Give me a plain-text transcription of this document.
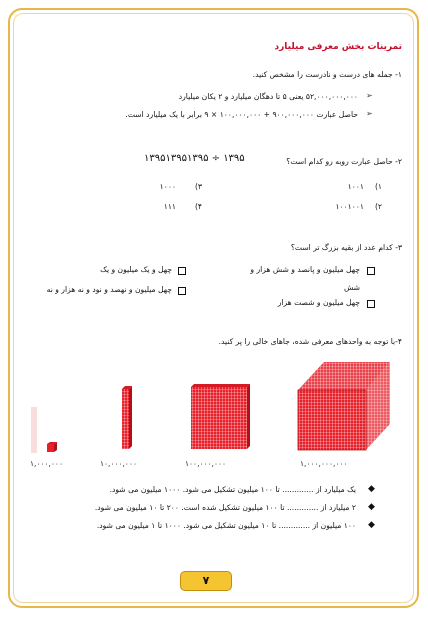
تمرینات بخش معرفی میلیارد
۱- جمله های درست و نادرست را مشخص کنید.
➢
۵۲,۰۰۰,۰۰۰,۰۰۰ یعنی ۵ تا دهگان میلیارد و ۲ یکان میلیارد
➢
حاصل عبارت ۹۰۰,۰۰۰,۰۰۰ + ۱۰۰,۰۰۰,۰۰۰ × ۹ برابر با یک میلیارد است.
۲- حاصل عبارت روبه رو کدام است؟
۱۳۹۵۱۳۹۵۱۳۹۵ ÷ ۱۳۹۵
۱)
۱۰۰۱
۲)
۱۰۰۱۰۰۱
۳)
۱۰۰۰
۴)
۱۱۱
۳- کدام عدد از بقیه بزرگ تر است؟
چهل میلیون و پانصد و شش هزار و
شش
چهل و یک میلیون و یک
چهل میلیون و نهصد و نود و نه هزار و نه
چهل میلیون و شصت هزار
۴-با توجه به واحدهای معرفی شده، جاهای خالی را پر کنید.
۱,۰۰۰,۰۰۰,۰۰۰
۱۰۰,۰۰۰,۰۰۰
۱۰,۰۰۰,۰۰۰
۱,۰۰۰,۰۰۰
◆
یک میلیارد از ............. تا ۱۰۰ میلیون تشکیل می شود. ۱۰۰۰ میلیون می شود.
◆
۲ میلیارد از ............. تا ۱۰۰ میلیون تشکیل شده است. ۲۰۰ تا ۱۰ میلیون می شود.
◆
۱۰۰ میلیون از ............. تا ۱۰ میلیون تشکیل می شود. ۱۰۰۰ تا ۱ میلیون می شود.
۷
